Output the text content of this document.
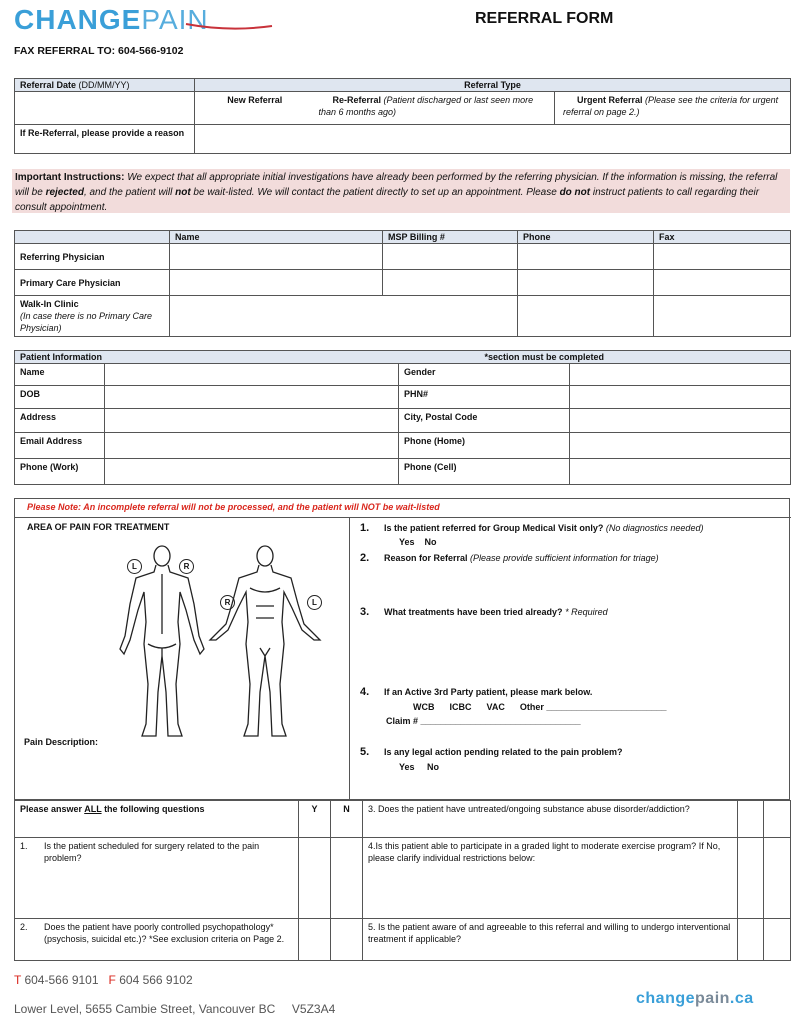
CHANGEPAIN	REFERRAL FORM
FAX REFERRAL TO: 604-566-9102
Referral Date (DD/MM/YY)	Referral Type		
	New Referral	Re-Referral (Patient discharged or last seen more than 6 months ago)	Urgent Referral (Please see the criteria for urgent referral on page 2.)
If Re-Referral, please provide a reason			
Important Instructions: We expect that all appropriate initial investigations have already been performed by the referring physician. If the information is missing, the referral will be rejected, and the patient will not be wait-listed. We will contact the patient directly to set up an appointment. Please do not instruct patients to call regarding their consult appointment.
	Name	MSP Billing #	Phone	Fax
Referring Physician				
Primary Care Physician				
Walk-In Clinic
(In case there is no Primary Care Physician)				
Patient Information *section must be completed			

Name		Gender	
DOB		PHN#	
Address		City, Postal Code	
Email Address		Phone (Home)	
Phone (Work)		Phone (Cell)	
Please Note: An incomplete referral will not be processed, and the patient will NOT be wait-listed
AREA OF PAIN FOR TREATMENT
Pain Description:
L	R
R	L
1. Is the patient referred for Group Medical Visit only? (No diagnostics needed)
Yes No
2. Reason for Referral (Please provide sufficient information for triage)
3. What treatments have been tried already? * Required
4. If an Active 3rd Party patient, please mark below.
WCB      ICBC      VAC      Other ________________________
Claim # ________________________________
5. Is any legal action pending related to the pain problem?
Yes No
Please answer ALL the following questions	Y	N	3. Does the patient have untreated/ongoing substance abuse disorder/addiction?		

1. Is the patient scheduled for surgery related to the pain problem?			4.Is this patient able to participate in a graded light to moderate exercise program? If No, please clarify individual restrictions below:		

2. Does the patient have poorly controlled psychopathology* (psychosis, suicidal etc.)? *See exclusion criteria on Page 2.			5. Is the patient aware of and agreeable to this referral and willing to undergo interventional treatment if applicable?		
T 604-566 9101 F 604 566 9102
Lower Level, 5655 Cambie Street, Vancouver BC     V5Z3A4
changepain.ca
